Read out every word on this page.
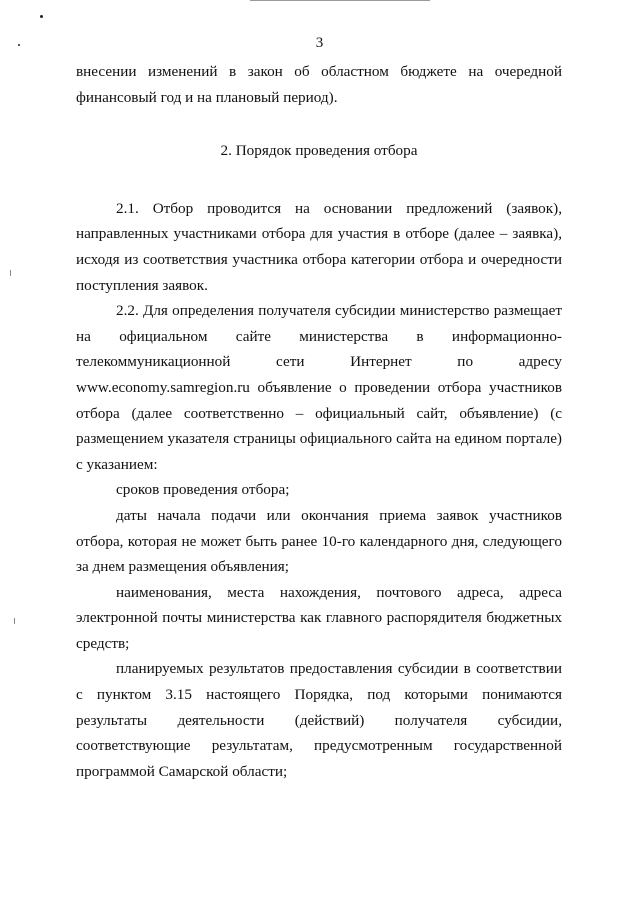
3

внесении изменений в закон об областном бюджете на очередной финансовый год и на плановый период).

2. Порядок проведения отбора

2.1. Отбор проводится на основании предложений (заявок), направленных участниками отбора для участия в отборе (далее – заявка), исходя из соответствия участника отбора категории отбора и очередности поступления заявок.

2.2. Для определения получателя субсидии министерство размещает

на официальном сайте министерства в информационно-

телекоммуникационной сети Интернет по адресу

www.economy.samregion.ru объявление о проведении отбора участников отбора (далее соответственно – официальный сайт, объявление) (с размещением указателя страницы официального сайта на едином портале) с указанием:

сроков проведения отбора;

даты начала подачи или окончания приема заявок участников отбора, которая не может быть ранее 10-го календарного дня, следующего за днем размещения объявления;

наименования, места нахождения, почтового адреса, адреса электронной почты министерства как главного распорядителя бюджетных средств;

планируемых результатов предоставления субсидии в соответствии с пунктом 3.15 настоящего Порядка, под которыми понимаются результаты деятельности (действий) получателя субсидии, соответствующие результатам, предусмотренным государственной программой Самарской области;
